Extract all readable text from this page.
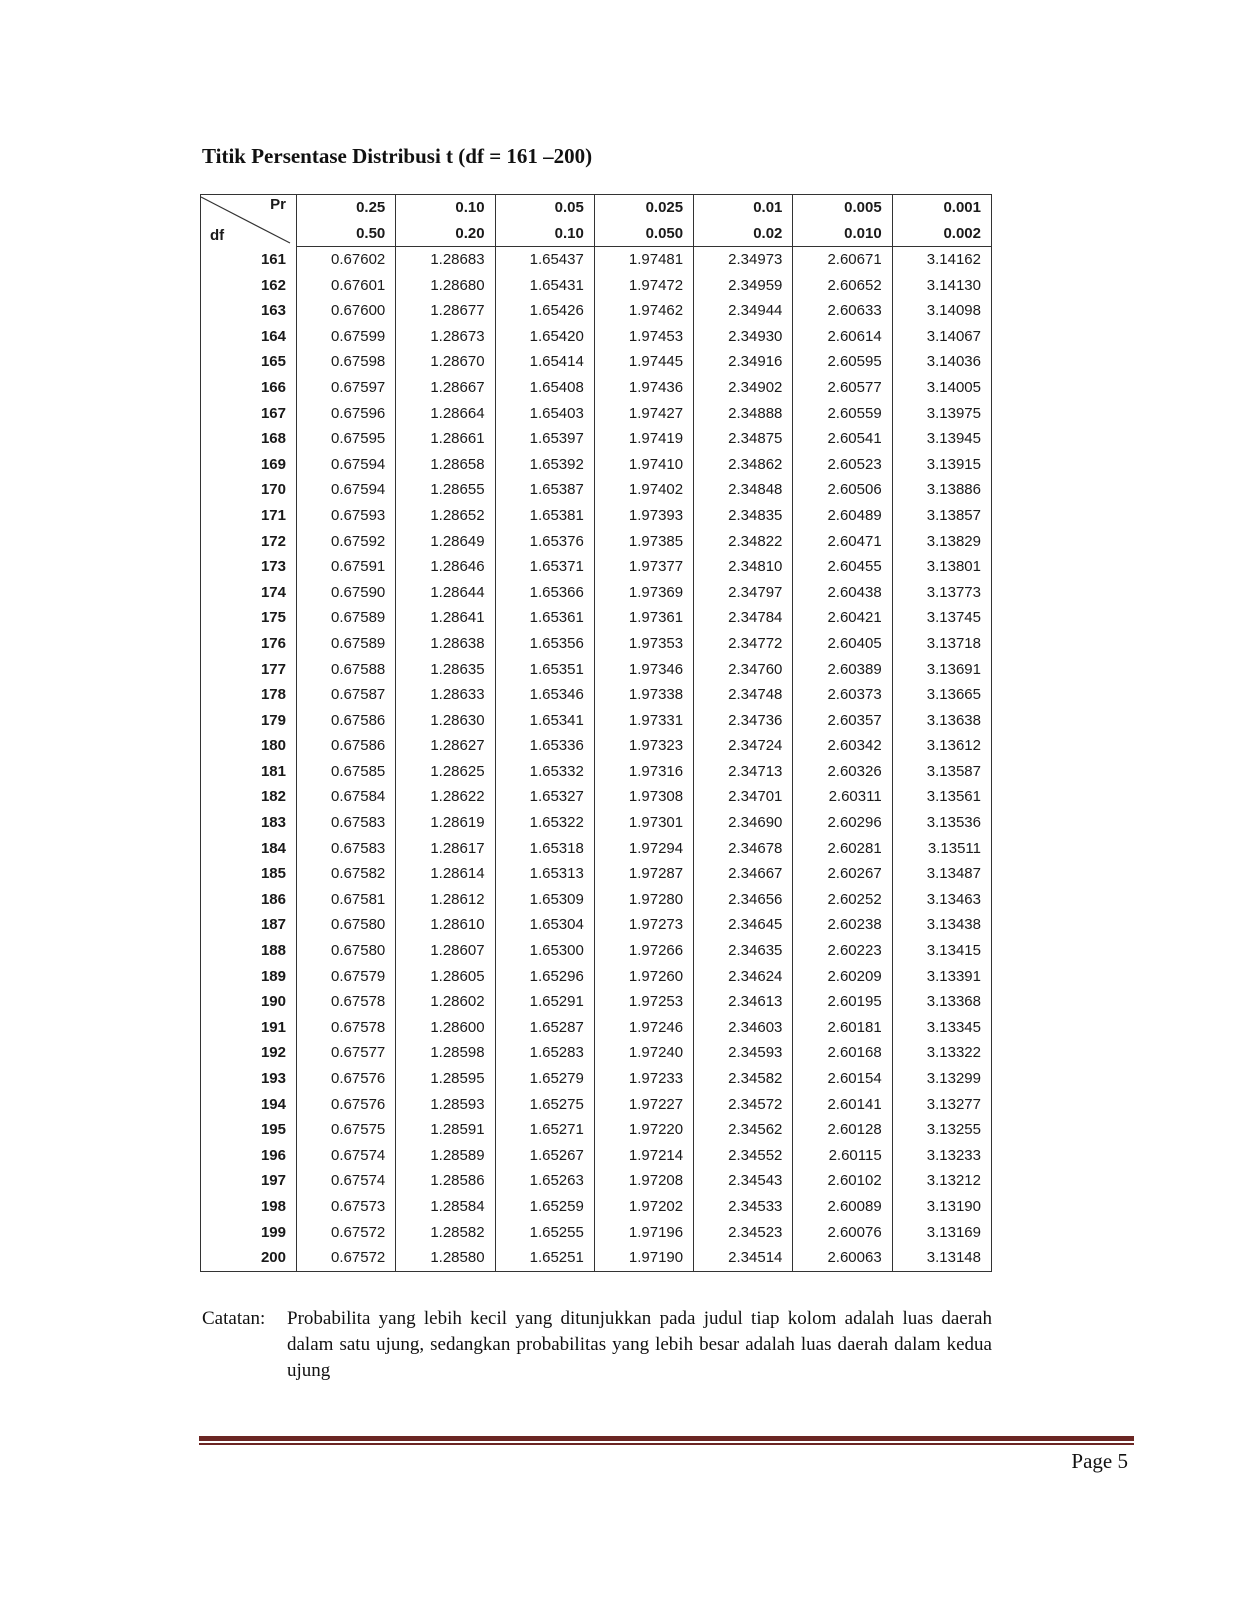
Titik Persentase Distribusi t (df = 161 –200)
Pr
df	0.25	0.10	0.05	0.025	0.01	0.005	0.001
	0.50	0.20	0.10	0.050	0.02	0.010	0.002
161	0.67602	1.28683	1.65437	1.97481	2.34973	2.60671	3.14162
162	0.67601	1.28680	1.65431	1.97472	2.34959	2.60652	3.14130
163	0.67600	1.28677	1.65426	1.97462	2.34944	2.60633	3.14098
164	0.67599	1.28673	1.65420	1.97453	2.34930	2.60614	3.14067
165	0.67598	1.28670	1.65414	1.97445	2.34916	2.60595	3.14036
166	0.67597	1.28667	1.65408	1.97436	2.34902	2.60577	3.14005
167	0.67596	1.28664	1.65403	1.97427	2.34888	2.60559	3.13975
168	0.67595	1.28661	1.65397	1.97419	2.34875	2.60541	3.13945
169	0.67594	1.28658	1.65392	1.97410	2.34862	2.60523	3.13915
170	0.67594	1.28655	1.65387	1.97402	2.34848	2.60506	3.13886
171	0.67593	1.28652	1.65381	1.97393	2.34835	2.60489	3.13857
172	0.67592	1.28649	1.65376	1.97385	2.34822	2.60471	3.13829
173	0.67591	1.28646	1.65371	1.97377	2.34810	2.60455	3.13801
174	0.67590	1.28644	1.65366	1.97369	2.34797	2.60438	3.13773
175	0.67589	1.28641	1.65361	1.97361	2.34784	2.60421	3.13745
176	0.67589	1.28638	1.65356	1.97353	2.34772	2.60405	3.13718
177	0.67588	1.28635	1.65351	1.97346	2.34760	2.60389	3.13691
178	0.67587	1.28633	1.65346	1.97338	2.34748	2.60373	3.13665
179	0.67586	1.28630	1.65341	1.97331	2.34736	2.60357	3.13638
180	0.67586	1.28627	1.65336	1.97323	2.34724	2.60342	3.13612
181	0.67585	1.28625	1.65332	1.97316	2.34713	2.60326	3.13587
182	0.67584	1.28622	1.65327	1.97308	2.34701	2.60311	3.13561
183	0.67583	1.28619	1.65322	1.97301	2.34690	2.60296	3.13536
184	0.67583	1.28617	1.65318	1.97294	2.34678	2.60281	3.13511
185	0.67582	1.28614	1.65313	1.97287	2.34667	2.60267	3.13487
186	0.67581	1.28612	1.65309	1.97280	2.34656	2.60252	3.13463
187	0.67580	1.28610	1.65304	1.97273	2.34645	2.60238	3.13438
188	0.67580	1.28607	1.65300	1.97266	2.34635	2.60223	3.13415
189	0.67579	1.28605	1.65296	1.97260	2.34624	2.60209	3.13391
190	0.67578	1.28602	1.65291	1.97253	2.34613	2.60195	3.13368
191	0.67578	1.28600	1.65287	1.97246	2.34603	2.60181	3.13345
192	0.67577	1.28598	1.65283	1.97240	2.34593	2.60168	3.13322
193	0.67576	1.28595	1.65279	1.97233	2.34582	2.60154	3.13299
194	0.67576	1.28593	1.65275	1.97227	2.34572	2.60141	3.13277
195	0.67575	1.28591	1.65271	1.97220	2.34562	2.60128	3.13255
196	0.67574	1.28589	1.65267	1.97214	2.34552	2.60115	3.13233
197	0.67574	1.28586	1.65263	1.97208	2.34543	2.60102	3.13212
198	0.67573	1.28584	1.65259	1.97202	2.34533	2.60089	3.13190
199	0.67572	1.28582	1.65255	1.97196	2.34523	2.60076	3.13169
200	0.67572	1.28580	1.65251	1.97190	2.34514	2.60063	3.13148
Catatan: Probabilita yang lebih kecil yang ditunjukkan pada judul tiap kolom adalah luas daerah dalam satu ujung, sedangkan probabilitas yang lebih besar adalah luas daerah dalam kedua ujung
Page 5
